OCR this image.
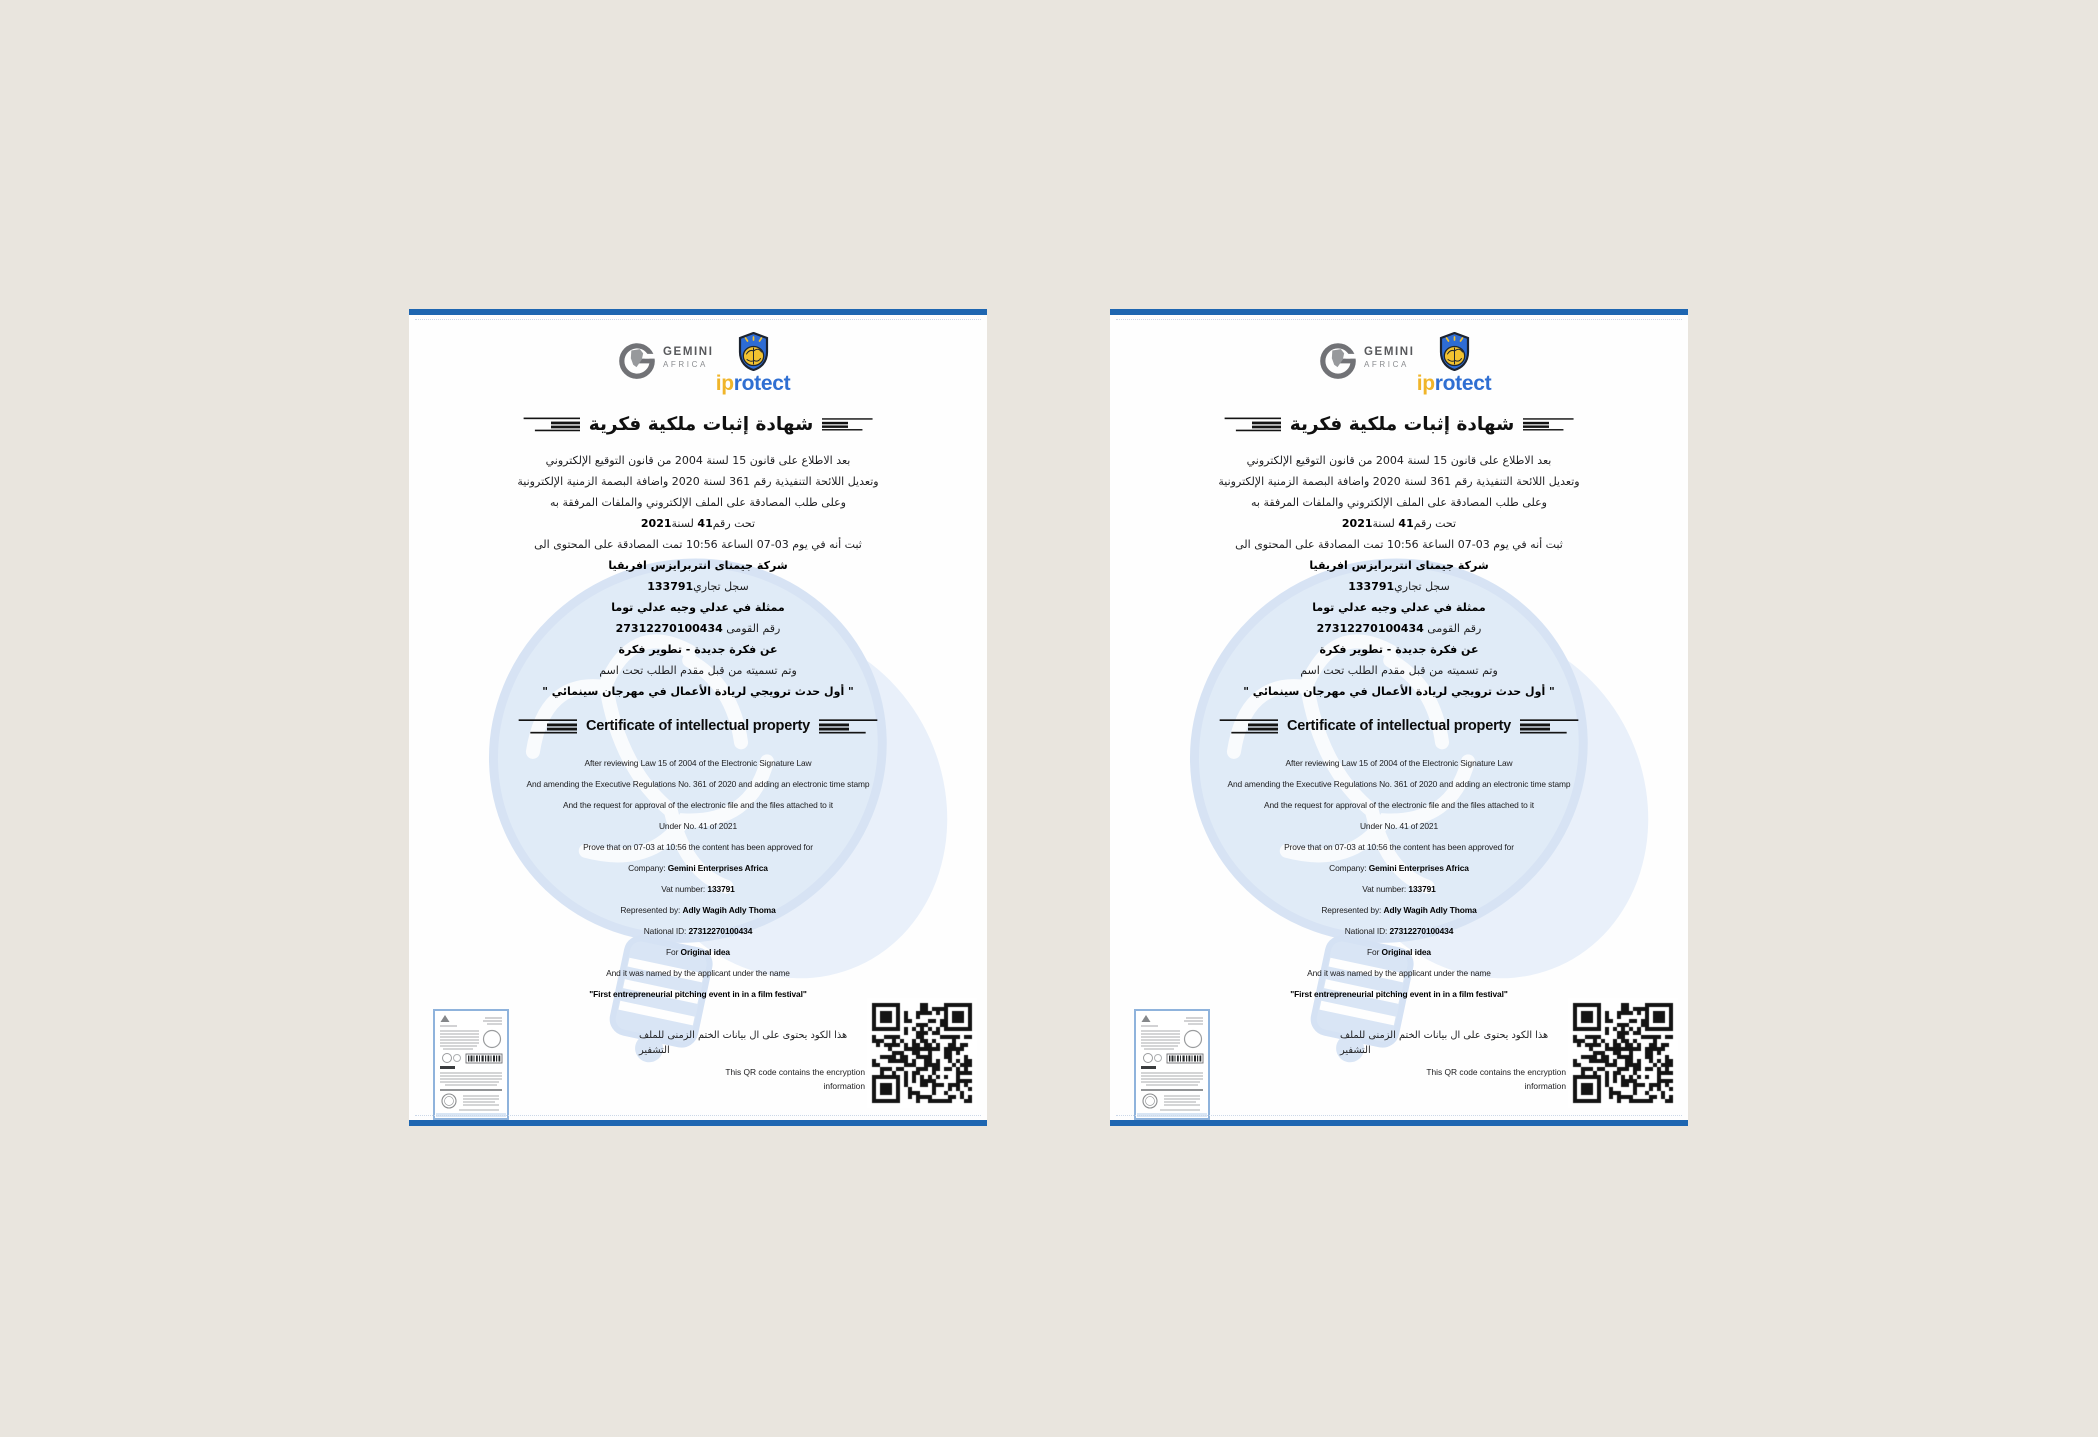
GEMINI
AFRICA
iprotect
شهادة إثبات ملكية فكرية
بعد الاطلاع على قانون 15 لسنة 2004 من قانون التوقيع الإلكتروني
وتعديل اللائحة التنفيذية رقم 361 لسنة 2020 واضافة البصمة الزمنية الإلكترونية
وعلى طلب المصادقة على الملف الإلكتروني والملفات المرفقة به
تحت رقم41 لسنة2021
ثبت أنه في يوم 03-07 الساعة 10:56 تمت المصادقة على المحتوى الى
شركة جيمناى انتربرايزس افريقيا
سجل تجاري133791
ممثلة في عدلي وجيه عدلي توما
رقم القومى 27312270100434
عن فكرة جديدة - تطوير فكرة
وتم تسميته من قبل مقدم الطلب تحت اسم
" أول حدث ترويجي لريادة الأعمال في مهرجان سينمائي "
Certificate of intellectual property
After reviewing Law 15 of 2004 of the Electronic Signature Law
And amending the Executive Regulations No. 361 of 2020 and adding an electronic time stamp
And the request for approval of the electronic file and the files attached to it
Under No. 41 of 2021
Prove that on 07-03 at 10:56 the content has been approved for
Company: Gemini Enterprises Africa
Vat number: 133791
Represented by: Adly Wagih Adly Thoma
National ID: 27312270100434
For Original idea
And it was named by the applicant under the name
"First entrepreneurial pitching event in in a film festival"
هذا الكود يحتوى على ال بيانات الختم الزمنى للملف
التشفير
This QR code contains the encryption
information
GEMINI
AFRICA
iprotect
شهادة إثبات ملكية فكرية
بعد الاطلاع على قانون 15 لسنة 2004 من قانون التوقيع الإلكتروني
وتعديل اللائحة التنفيذية رقم 361 لسنة 2020 واضافة البصمة الزمنية الإلكترونية
وعلى طلب المصادقة على الملف الإلكتروني والملفات المرفقة به
تحت رقم41 لسنة2021
ثبت أنه في يوم 03-07 الساعة 10:56 تمت المصادقة على المحتوى الى
شركة جيمناى انتربرايزس افريقيا
سجل تجاري133791
ممثلة في عدلي وجيه عدلي توما
رقم القومى 27312270100434
عن فكرة جديدة - تطوير فكرة
وتم تسميته من قبل مقدم الطلب تحت اسم
" أول حدث ترويجي لريادة الأعمال في مهرجان سينمائي "
Certificate of intellectual property
After reviewing Law 15 of 2004 of the Electronic Signature Law
And amending the Executive Regulations No. 361 of 2020 and adding an electronic time stamp
And the request for approval of the electronic file and the files attached to it
Under No. 41 of 2021
Prove that on 07-03 at 10:56 the content has been approved for
Company: Gemini Enterprises Africa
Vat number: 133791
Represented by: Adly Wagih Adly Thoma
National ID: 27312270100434
For Original idea
And it was named by the applicant under the name
"First entrepreneurial pitching event in in a film festival"
هذا الكود يحتوى على ال بيانات الختم الزمنى للملف
التشفير
This QR code contains the encryption
information
